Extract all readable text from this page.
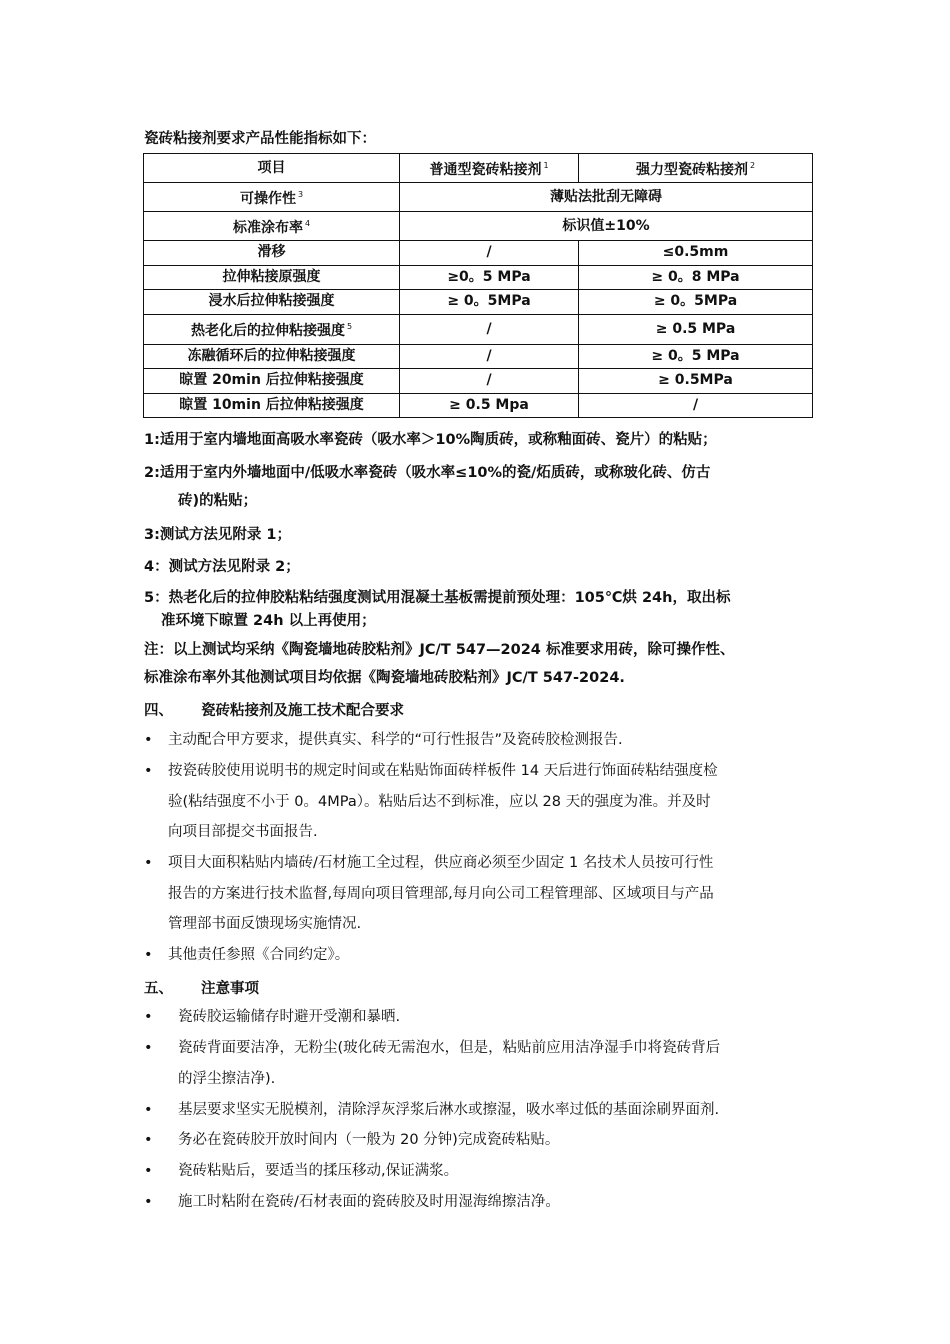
瓷砖粘接剂要求产品性能指标如下：
项目	普通型瓷砖粘接剂 $^1$	强力型瓷砖粘接剂 $^2$
可操作性 $^3$	薄贴法批刮无障碍	
标准涂布率 $^4$	标识值±10%	
滑移	/	≤0.5mm
拉伸粘接原强度	≥0。5 MPa	≥ 0。8 MPa
浸水后拉伸粘接强度	≥ 0。5MPa	≥ 0。5MPa
热老化后的拉伸粘接强度 $^5$	/	≥ 0.5 MPa
冻融循环后的拉伸粘接强度	/	≥ 0。5 MPa
晾置 20min 后拉伸粘接强度	/	≥ 0.5MPa
晾置 10min 后拉伸粘接强度	≥ 0.5 Mpa	/
1:适用于室内墙地面高吸水率瓷砖（吸水率＞10%陶质砖，或称釉面砖、瓷片）的粘贴；
2:适用于室内外墙地面中/低吸水率瓷砖（吸水率≤10%的瓷/炻质砖，或称玻化砖、仿古
砖)的粘贴；
3:测试方法见附录 1；
4：测试方法见附录 2；
5：热老化后的拉伸胶粘粘结强度测试用混凝土基板需提前预处理：105℃烘 24h，取出标
准环境下晾置 24h 以上再使用；
注：以上测试均采纳《陶瓷墙地砖胶粘剂》JC/T 547—2024 标准要求用砖，除可操作性、
标准涂布率外其他测试项目均依据《陶瓷墙地砖胶粘剂》JC/T 547-2024.
四、 瓷砖粘接剂及施工技术配合要求
•	主动配合甲方要求，提供真实、科学的“可行性报告”及瓷砖胶检测报告.
•	按瓷砖胶使用说明书的规定时间或在粘贴饰面砖样板件 14 天后进行饰面砖粘结强度检
验(粘结强度不小于 0。4MPa）。粘贴后达不到标准，应以 28 天的强度为准。并及时
向项目部提交书面报告.
•	项目大面积粘贴内墙砖/石材施工全过程，供应商必须至少固定 1 名技术人员按可行性
报告的方案进行技术监督,每周向项目管理部,每月向公司工程管理部、区域项目与产品
管理部书面反馈现场实施情况.
•	其他责任参照《合同约定》。
五、 注意事项
•	瓷砖胶运输储存时避开受潮和暴晒.
•	瓷砖背面要洁净，无粉尘(玻化砖无需泡水，但是，粘贴前应用洁净湿手巾将瓷砖背后
的浮尘擦洁净).
•	基层要求坚实无脱模剂，清除浮灰浮浆后淋水或擦湿，吸水率过低的基面涂刷界面剂.
•	务必在瓷砖胶开放时间内（一般为 20 分钟)完成瓷砖粘贴。
•	瓷砖粘贴后，要适当的揉压移动,保证满浆。
•	施工时粘附在瓷砖/石材表面的瓷砖胶及时用湿海绵擦洁净。
